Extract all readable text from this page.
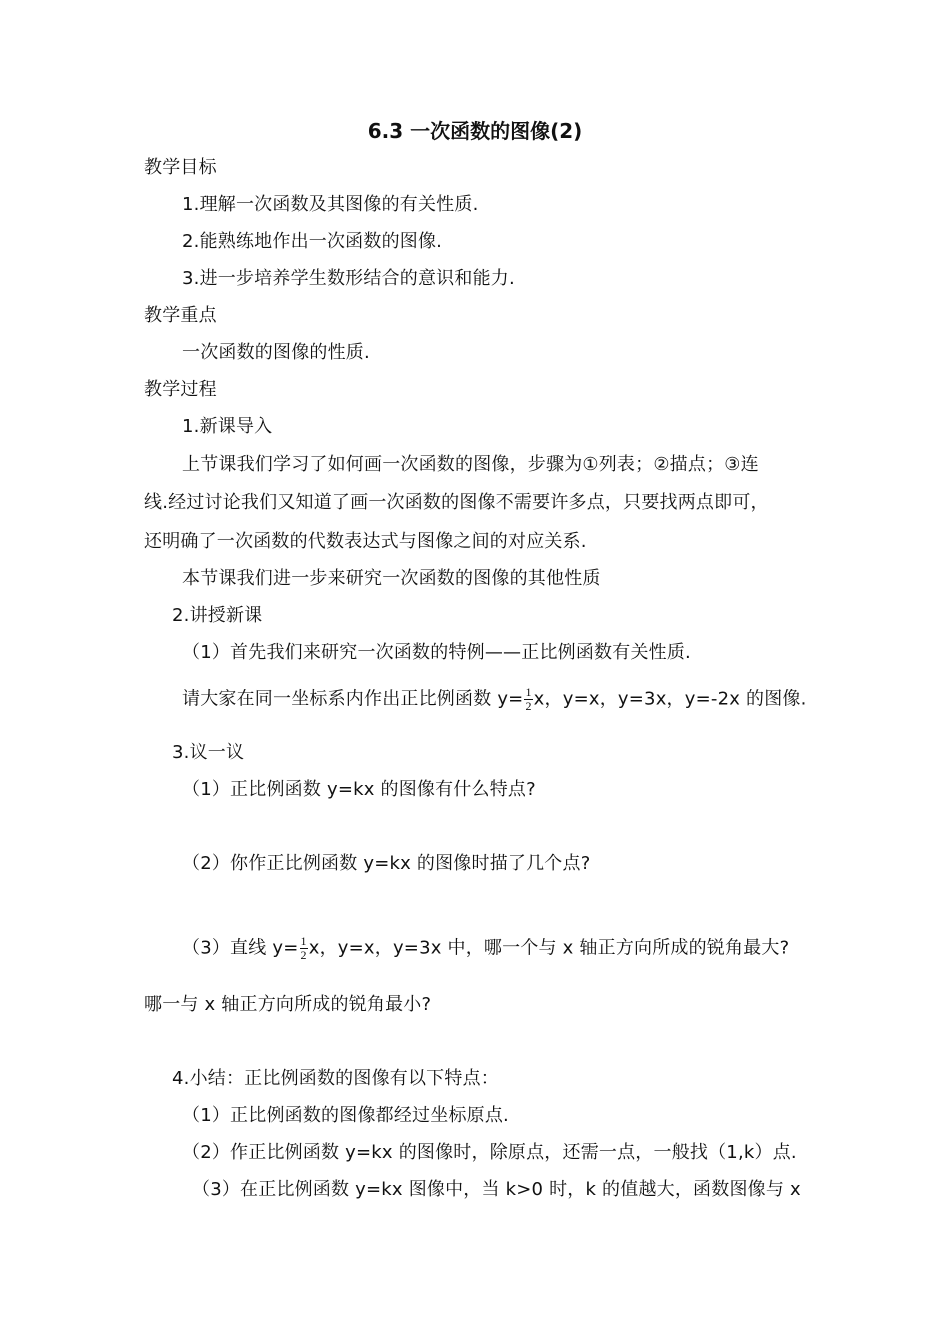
6.3 一次函数的图像(2)
教学目标
1.理解一次函数及其图像的有关性质.
2.能熟练地作出一次函数的图像.
3.进一步培养学生数形结合的意识和能力.
教学重点
一次函数的图像的性质.
教学过程
1.新课导入
上节课我们学习了如何画一次函数的图像，步骤为①列表；②描点；③连
线.经过讨论我们又知道了画一次函数的图像不需要许多点，只要找两点即可，
还明确了一次函数的代数表达式与图像之间的对应关系.
本节课我们进一步来研究一次函数的图像的其他性质
2.讲授新课
（1）首先我们来研究一次函数的特例——正比例函数有关性质.
请大家在同一坐标系内作出正比例函数 $y= \frac{1}{2}$ x，y=x，y=3x，y=-2x 的图像.
3.议一议
（1）正比例函数 y=kx 的图像有什么特点?
（2）你作正比例函数 y=kx 的图像时描了几个点?
（3）直线 $y= \frac{1}{2}$ x，y=x，y=3x 中，哪一个与 x 轴正方向所成的锐角最大?
哪一与 x 轴正方向所成的锐角最小?
4.小结：正比例函数的图像有以下特点：
（1）正比例函数的图像都经过坐标原点.
（2）作正比例函数 y=kx 的图像时，除原点，还需一点，一般找（1,k）点.
（3）在正比例函数 y=kx 图像中，当 k>0 时，k 的值越大，函数图像与 x
